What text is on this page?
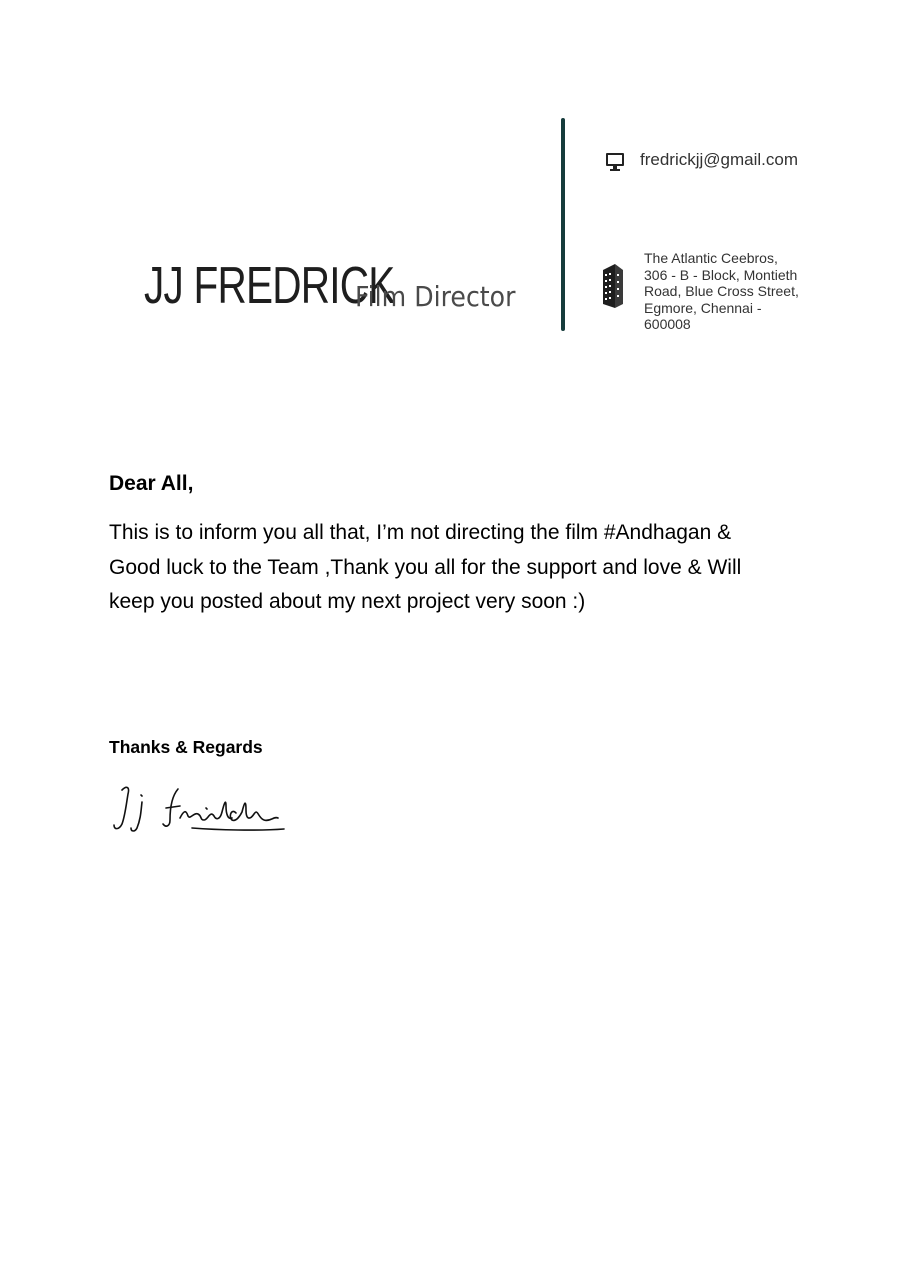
JJ FREDRICK
Film Director
fredrickjj@gmail.com
The Atlantic Ceebros,
306 - B - Block, Montieth
Road, Blue Cross Street,
Egmore, Chennai -
600008
Dear All,
This is to inform you all that, I’m not directing the film #Andhagan &
Good luck to the Team ,Thank you all for the support and love & Will
keep you posted about my next project very soon :)
Thanks & Regards
